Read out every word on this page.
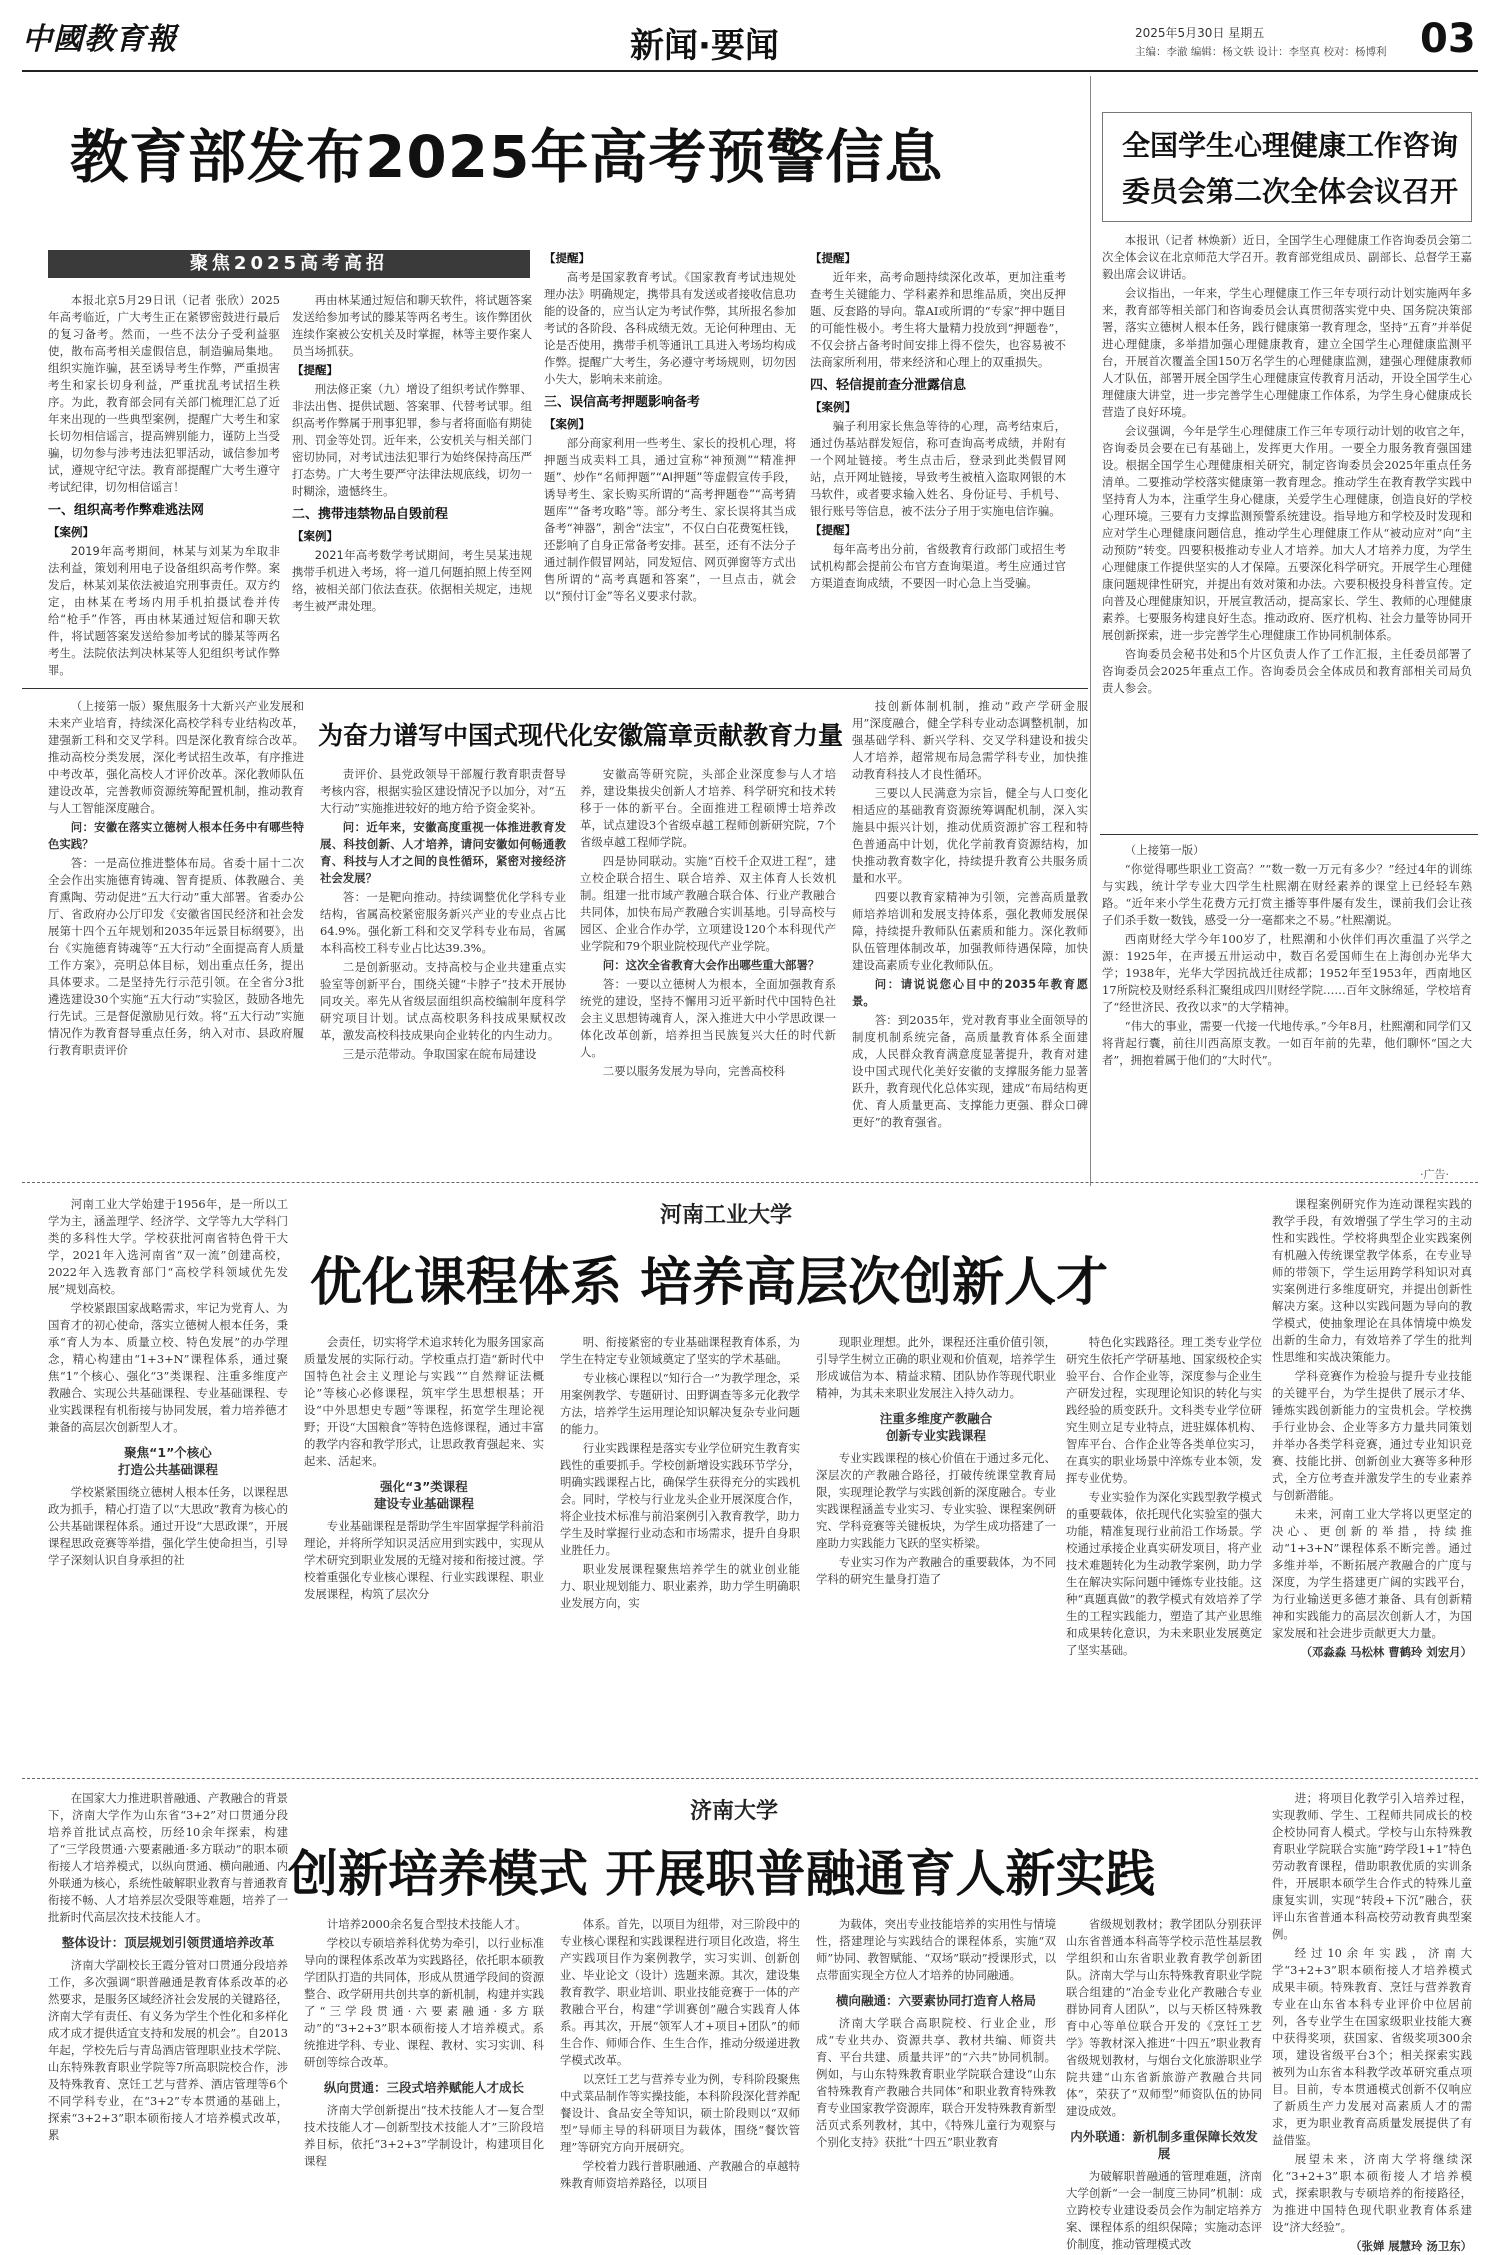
中國教育報	新闻·要闻	2025年5月30日 星期五	03
主编：李澈 编辑：杨文轶 设计：李坚真 校对：杨博利
教育部发布2025年高考预警信息
聚焦2025高考高招

本报北京5月29日讯（记者 张欣）2025年高考临近，广大考生正在紧锣密鼓进行最后的复习备考。然而，一些不法分子受利益驱使，散布高考相关虚假信息，制造骗局集地。组织实施诈骗，甚至诱导考生作弊，严重损害考生和家长切身利益，严重扰乱考试招生秩序。为此，教育部会同有关部门梳理汇总了近年来出现的一些典型案例，提醒广大考生和家长切勿相信谣言，提高辨别能力，谨防上当受骗，切勿参与涉考违法犯罪活动，诚信参加考试，遵规守纪守法。教育部提醒广大考生遵守考试纪律，切勿相信谣言！

一、组织高考作弊难逃法网

【案例】

2019年高考期间，林某与刘某为牟取非法利益，策划利用电子设备组织高考作弊。案发后，林某刘某依法被追究刑事责任。双方约定，由林某在考场内用手机拍摄试卷并传给“枪手”作答，再由林某通过短信和聊天软件，将试题答案发送给参加考试的滕某等两名考生。法院依法判决林某等人犯组织考试作弊罪。

再由林某通过短信和聊天软件，将试题答案发送给参加考试的滕某等两名考生。该作弊团伙连续作案被公安机关及时掌握，林等主要作案人员当场抓获。

【提醒】

刑法修正案（九）增设了组织考试作弊罪、非法出售、提供试题、答案罪、代替考试罪。组织高考作弊属于刑事犯罪，参与者将面临有期徒刑、罚金等处罚。近年来，公安机关与相关部门密切协同，对考试违法犯罪行为始终保持高压严打态势。广大考生要严守法律法规底线，切勿一时糊涂，遗憾终生。

二、携带违禁物品自毁前程

【案例】

2021年高考数学考试期间，考生吴某违规携带手机进入考场，将一道几何题拍照上传至网络，被相关部门依法查获。依据相关规定，违规考生被严肃处理。

【提醒】

高考是国家教育考试。《国家教育考试违规处理办法》明确规定，携带具有发送或者接收信息功能的设备的，应当认定为考试作弊，其所报名参加考试的各阶段、各科成绩无效。无论何种理由、无论是否使用，携带手机等通讯工具进入考场均构成作弊。提醒广大考生，务必遵守考场规则，切勿因小失大，影响未来前途。

三、误信高考押题影响备考

【案例】

部分商家利用一些考生、家长的投机心理，将押题当成卖料工具，通过宣称“神预测”“精准押题”、炒作“名师押题”“AI押题”等虚假宣传手段，诱导考生、家长购买所谓的“高考押题卷”“高考猜题库”“备考攻略”等。部分考生、家长误将其当成备考“神器”，割舍“法宝”，不仅白白花费冤枉钱，还影响了自身正常备考安排。甚至，还有不法分子通过制作假冒网站，同发短信、网页弹窗等方式出售所谓的“高考真题和答案”，一旦点击，就会以“预付订金”等名义要求付款。

【提醒】

近年来，高考命题持续深化改革，更加注重考查考生关键能力、学科素养和思维品质，突出反押题、反套路的导向。靠AI或所谓的“专家”押中题目的可能性极小。考生将大量精力投放到“押题卷”，不仅会挤占备考时间安排上得不偿失，也容易被不法商家所利用，带来经济和心理上的双重损失。

四、轻信提前查分泄露信息

【案例】

骗子利用家长焦急等待的心理，高考结束后，通过伪基站群发短信，称可查询高考成绩，并附有一个网址链接。考生点击后，登录到此类假冒网站，点开网址链接，导致考生被植入盗取网银的木马软件，或者要求输入姓名、身份证号、手机号、银行账号等信息，被不法分子用于实施电信诈骗。

【提醒】

每年高考出分前，省级教育行政部门或招生考试机构都会提前公布官方查询渠道。考生应通过官方渠道查询成绩，不要因一时心急上当受骗。

全国学生心理健康工作咨询
委员会第二次全体会议召开

本报讯（记者 林焕新）近日，全国学生心理健康工作咨询委员会第二次全体会议在北京师范大学召开。教育部党组成员、副部长、总督学王嘉毅出席会议讲话。

会议指出，一年来，学生心理健康工作三年专项行动计划实施两年多来，教育部等相关部门和咨询委员会认真贯彻落实党中央、国务院决策部署，落实立德树人根本任务，践行健康第一教育理念，坚持“五育”并举促进心理健康，多举措加强心理健康教育，建立全国学生心理健康监测平台，开展首次覆盖全国150万名学生的心理健康监测，建强心理健康教师人才队伍，部署开展全国学生心理健康宣传教育月活动，开设全国学生心理健康大讲堂，进一步完善学生心理健康工作体系，为学生身心健康成长营造了良好环境。

会议强调，今年是学生心理健康工作三年专项行动计划的收官之年，咨询委员会要在已有基础上，发挥更大作用。一要全力服务教育强国建设。根据全国学生心理健康相关研究，制定咨询委员会2025年重点任务清单。二要推动学校落实健康第一教育理念。推动学生在教育教学实践中坚持育人为本，注重学生身心健康，关爱学生心理健康，创造良好的学校心理环境。三要有力支撑监测预警系统建设。指导地方和学校及时发现和应对学生心理健康问题信息，推动学生心理健康工作从“被动应对”向“主动预防”转变。四要积极推动专业人才培养。加大人才培养力度，为学生心理健康工作提供坚实的人才保障。五要深化科学研究。开展学生心理健康问题规律性研究，并提出有效对策和办法。六要积极投身科普宣传。定向普及心理健康知识，开展宣教活动，提高家长、学生、教师的心理健康素养。七要服务构建良好生态。推动政府、医疗机构、社会力量等协同开展创新探索，进一步完善学生心理健康工作协同机制体系。

咨询委员会秘书处和5个片区负责人作了工作汇报，主任委员部署了咨询委员会2025年重点工作。咨询委员会全体成员和教育部相关司局负责人参会。

为奋力谱写中国式现代化安徽篇章贡献教育力量

（上接第一版）聚焦服务十大新兴产业发展和未来产业培育，持续深化高校学科专业结构改革，建强新工科和交叉学科。四是深化教育综合改革。推动高校分类发展，深化考试招生改革，有序推进中考改革，强化高校人才评价改革。深化教师队伍建设改革，完善教师资源统筹配置机制，推动教育与人工智能深度融合。

问：安徽在落实立德树人根本任务中有哪些特色实践？

答：一是高位推进整体布局。省委十届十二次全会作出实施德育铸魂、智育提质、体教融合、美育熏陶、劳动促进“五大行动”重大部署。省委办公厅、省政府办公厅印发《安徽省国民经济和社会发展第十四个五年规划和2035年远景目标纲要》，出台《实施德育铸魂等“五大行动”全面提高育人质量工作方案》，亮明总体目标，划出重点任务，提出具体要求。二是坚持先行示范引领。在全省分3批遴选建设30个实施“五大行动”实验区，鼓励各地先行先试。三是督促激励见行效。将“五大行动”实施情况作为教育督导重点任务，纳入对市、县政府履行教育职责评价

责评价、县党政领导干部履行教育职责督导考核内容，根据实验区建设情况予以加分，对“五大行动”实施推进较好的地方给予资金奖补。

问：近年来，安徽高度重视一体推进教育发展、科技创新、人才培养，请问安徽如何畅通教育、科技与人才之间的良性循环，紧密对接经济社会发展？

答：一是靶向推动。持续调整优化学科专业结构，省属高校紧密服务新兴产业的专业点占比64.9%。强化新工科和交叉学科专业布局，省属本科高校工科专业占比达39.3%。

二是创新驱动。支持高校与企业共建重点实验室等创新平台，围绕关键“卡脖子”技术开展协同攻关。率先从省级层面组织高校编制年度科学研究项目计划。试点高校职务科技成果赋权改革，激发高校科技成果向企业转化的内生动力。

三是示范带动。争取国家在皖布局建设

安徽高等研究院，头部企业深度参与人才培养，建设集拔尖创新人才培养、科学研究和技术转移于一体的新平台。全面推进工程硕博士培养改革，试点建设3个省级卓越工程师创新研究院，7个省级卓越工程师学院。

四是协同联动。实施“百校千企双进工程”，建立校企联合招生、联合培养、双主体育人长效机制。组建一批市域产教融合联合体、行业产教融合共同体，加快布局产教融合实训基地。引导高校与园区、企业合作办学，立项建设120个本科现代产业学院和79个职业院校现代产业学院。

问：这次全省教育大会作出哪些重大部署？

答：一要以立德树人为根本，全面加强教育系统党的建设，坚持不懈用习近平新时代中国特色社会主义思想铸魂育人，深入推进大中小学思政课一体化改革创新，培养担当民族复兴大任的时代新人。

二要以服务发展为导向，完善高校科

技创新体制机制，推动“政产学研金服用”深度融合，健全学科专业动态调整机制，加强基础学科、新兴学科、交叉学科建设和拔尖人才培养，超常规布局急需学科专业，加快推动教育科技人才良性循环。

三要以人民满意为宗旨，健全与人口变化相适应的基础教育资源统筹调配机制，深入实施县中振兴计划，推动优质资源扩容工程和特色普通高中计划，优化学前教育资源结构，加快推动教育数字化，持续提升教育公共服务质量和水平。

四要以教育家精神为引领，完善高质量教师培养培训和发展支持体系，强化教师发展保障，持续提升教师队伍素质和能力。深化教师队伍管理体制改革，加强教师待遇保障，加快建设高素质专业化教师队伍。

问：请说说您心目中的2035年教育愿景。

答：到2035年，党对教育事业全面领导的制度机制系统完备，高质量教育体系全面建成，人民群众教育满意度显著提升，教育对建设中国式现代化美好安徽的支撑服务能力显著跃升，教育现代化总体实现，建成“布局结构更优、育人质量更高、支撑能力更强、群众口碑更好”的教育强省。

（上接第一版）

“你觉得哪些职业工资高？”“数一数一万元有多少？”经过4年的训练与实践，统计学专业大四学生杜熙潮在财经素养的课堂上已经轻车熟路。“近年来小学生花费方元打赏主播等事件屡有发生，课前我们会让孩子们杀手数一数钱，感受一分一毫都来之不易。”杜熙潮说。

西南财经大学今年100岁了，杜熙潮和小伙伴们再次重温了兴学之源：1925年，在声援五卅运动中，数百名爱国师生在上海创办光华大学；1938年，光华大学因抗战迁往成都；1952年至1953年，西南地区17所院校及财经系科汇聚组成四川财经学院……百年文脉绵延，学校培育了“经世济民、孜孜以求”的大学精神。

“伟大的事业，需要一代接一代地传承。”今年8月，杜熙潮和同学们又将背起行囊，前往川西高原支教。一如百年前的先辈，他们聊怀“国之大者”，拥抱着属于他们的“大时代”。

·广告·
河南工业大学
优化课程体系 培养高层次创新人才

河南工业大学始建于1956年，是一所以工学为主，涵盖理学、经济学、文学等九大学科门类的多科性大学。学校获批河南省特色骨干大学，2021年入选河南省“双一流”创建高校，2022年入选教育部门“高校学科领域优先发展”规划高校。

学校紧跟国家战略需求，牢记为党育人、为国育才的初心使命，落实立德树人根本任务，秉承“育人为本、质量立校、特色发展”的办学理念，精心构建由“1+3+N”课程体系，通过聚焦“1”个核心、强化“3”类课程、注重多维度产教融合、实现公共基础课程、专业基础课程、专业实践课程有机衔接与协同发展，着力培养德才兼备的高层次创新型人才。

聚焦“1”个核心
打造公共基础课程

学校紧紧围绕立德树人根本任务，以课程思政为抓手，精心打造了以“大思政”教育为核心的公共基础课程体系。通过开设“大思政课”，开展课程思政竞赛等举措，强化学生使命担当，引导学子深刻认识自身承担的社

会责任，切实将学术追求转化为服务国家高质量发展的实际行动。学校重点打造“新时代中国特色社会主义理论与实践”“自然辩证法概论”等核心必修课程，筑牢学生思想根基；开设“中外思想史专题”等课程，拓宽学生理论视野；开设“大国粮食”等特色选修课程，通过丰富的教学内容和教学形式，让思政教育强起来、实起来、活起来。

强化“3”类课程
建设专业基础课程

专业基础课程是帮助学生牢固掌握学科前沿理论，并将所学知识灵活应用到实践中，实现从学术研究到职业发展的无缝对接和衔接过渡。学校着重强化专业核心课程、行业实践课程、职业发展课程，构筑了层次分

明、衔接紧密的专业基础课程教育体系，为学生在特定专业领域奠定了坚实的学术基础。

专业核心课程以“知行合一”为教学理念，采用案例教学、专题研讨、田野调查等多元化教学方法，培养学生运用理论知识解决复杂专业问题的能力。

行业实践课程是落实专业学位研究生教育实践性的重要抓手。学校创新增设实践环节学分，明确实践课程占比，确保学生获得充分的实践机会。同时，学校与行业龙头企业开展深度合作，将企业技术标准与前沿案例引入教育教学，助力学生及时掌握行业动态和市场需求，提升自身职业胜任力。

职业发展课程聚焦培养学生的就业创业能力、职业规划能力、职业素养，助力学生明确职业发展方向，实

现职业理想。此外，课程还注重价值引领，引导学生树立正确的职业观和价值观，培养学生形成诚信为本、精益求精、团队协作等现代职业精神，为其未来职业发展注入持久动力。

注重多维度产教融合
创新专业实践课程

专业实践课程的核心价值在于通过多元化、深层次的产教融合路径，打破传统课堂教育局限，实现理论教学与实践创新的深度融合。专业实践课程涵盖专业实习、专业实验、课程案例研究、学科竞赛等关键板块，为学生成功搭建了一座助力实践能力飞跃的坚实桥梁。

专业实习作为产教融合的重要载体，为不同学科的研究生量身打造了

特色化实践路径。理工类专业学位研究生依托产学研基地、国家级校企实验平台、合作企业等，深度参与企业生产研发过程，实现理论知识的转化与实践经验的质变跃升。文科类专业学位研究生则立足专业特点，进驻媒体机构、智库平台、合作企业等各类单位实习，在真实的职业场景中淬炼专业本领，发挥专业优势。

专业实验作为深化实践型教学模式的重要载体，依托现代化实验室的强大功能，精准复现行业前沿工作场景。学校通过承接企业真实研发项目，将产业技术难题转化为生动教学案例，助力学生在解决实际问题中锤炼专业技能。这种“真题真做”的教学模式有效培养了学生的工程实践能力，塑造了其产业思维和成果转化意识，为未来职业发展奠定了坚实基础。

课程案例研究作为连动课程实践的教学手段，有效增强了学生学习的主动性和实践性。学校将典型企业实践案例有机融入传统课堂教学体系，在专业导师的带领下，学生运用跨学科知识对真实案例进行多维度研究，并提出创新性解决方案。这种以实践问题为导向的教学模式，使抽象理论在具体情境中焕发出新的生命力，有效培养了学生的批判性思维和实战决策能力。

学科竞赛作为检验与提升专业技能的关键平台，为学生提供了展示才华、锤炼实践创新能力的宝贵机会。学校携手行业协会、企业等多方力量共同策划并举办各类学科竞赛，通过专业知识竞赛、技能比拼、创新创业大赛等多种形式，全方位考查并激发学生的专业素养与创新潜能。

未来，河南工业大学将以更坚定的决心、更创新的举措，持续推动“1+3+N”课程体系不断完善。通过多维并举，不断拓展产教融合的广度与深度，为学生搭建更广阔的实践平台，为行业输送更多德才兼备、具有创新精神和实践能力的高层次创新人才，为国家发展和社会进步贡献更大力量。

（邓淼淼 马松林 曹鹤玲 刘宏月）

济南大学
创新培养模式 开展职普融通育人新实践

在国家大力推进职普融通、产教融合的背景下，济南大学作为山东省“3+2”对口贯通分段培养首批试点高校，历经10余年探索，构建了“三学段贯通·六要素融通·多方联动”的职本硕衔接人才培养模式，以纵向贯通、横向融通、内外联通为核心，系统性破解职业教育与普通教育衔接不畅、人才培养层次受限等难题，培养了一批新时代高层次技术技能人才。

整体设计：顶层规划引领贯通培养改革

济南大学副校长王霞分管对口贯通分段培养工作，多次强调“职普融通是教育体系改革的必然要求，是服务区域经济社会发展的关键路径，济南大学有责任、有义务为学生个性化和多样化成才成才提供适宜支持和发展的机会”。自2013年起，学校先后与青岛酒店管理职业技术学院、山东特殊教育职业学院等7所高职院校合作，涉及特殊教育、烹饪工艺与营养、酒店管理等6个不同学科专业，在“3+2”专本贯通的基础上，探索“3+2+3”职本硕衔接人才培养模式改革，累

计培养2000余名复合型技术技能人才。

学校以专硕培养科优势为牵引，以行业标准导向的课程体系改革为实践路径，依托职本硕教学团队打造的共同体，形成从贯通学段间的资源整合、政学研用共创共享的新机制，构建并实践了“三学段贯通·六要素融通·多方联动”的“3+2+3”职本硕衔接人才培养模式。系统推进学科、专业、课程、教材、实习实训、科研创等综合改革。

纵向贯通：三段式培养赋能人才成长

济南大学创新提出“技术技能人才—复合型技术技能人才—创新型技术技能人才”三阶段培养目标，依托“3+2+3”学制设计，构建项目化课程

体系。首先，以项目为纽带，对三阶段中的专业核心课程和实践课程进行项目化改造，将生产实践项目作为案例教学，实习实训、创新创业、毕业论文（设计）选题来源。其次，建设集教育教学、职业培训、职业技能竞赛于一体的产教融合平台，构建“学训赛创”融合实践育人体系。再其次，开展“领军人才+项目+团队”的师生合作、师师合作、生生合作，推动分级递进教学模式改革。

以烹饪工艺与营养专业为例，专科阶段聚焦中式菜品制作等实操技能，本科阶段深化营养配餐设计、食品安全等知识，硕士阶段则以“双师型”导师主导的科研项目为载体，围绕“餐饮管理”等研究方向开展研究。

学校着力践行普职融通、产教融合的卓越特殊教育师资培养路径，以项目

为载体，突出专业技能培养的实用性与情境性，搭建理论与实践结合的课程体系，实施“双师”协同、教智赋能、“双场”联动”授课形式，以点带面实现全方位人才培养的协同融通。

横向融通：六要素协同打造育人格局

济南大学联合高职院校、行业企业，形成“专业共办、资源共享、教材共编、师资共育、平台共建、质量共评”的“六共”协同机制。例如，与山东特殊教育职业学院联合建设“山东省特殊教育产教融合共同体”和职业教育特殊教育专业国家教学资源库，联合开发特殊教育新型活页式系列教材，其中，《特殊儿童行为观察与个别化支持》获批“十四五”职业教育

省级规划教材；教学团队分别获评山东省普通本科高等学校示范性基层教学组织和山东省职业教育教学创新团队。济南大学与山东特殊教育职业学院联合组建的“冶金专业化产教融合专业群协同育人团队”，以与天桥区特殊教育中心等单位联合开发的《烹饪工艺学》等教材深入推进“十四五”职业教育省级规划教材，与烟台文化旅游职业学院共建“山东省新旅游产教融合共同体”，荣获了“双师型”师资队伍的协同建设成效。

内外联通：新机制多重保障长效发展

为破解职普融通的管理难题，济南大学创新“一会一制度三协同”机制：成立跨校专业建设委员会作为制定培养方案、课程体系的组织保障；实施动态评价制度，推动管理模式改

进；将项目化教学引入培养过程，实现教师、学生、工程师共同成长的校企校协同育人模式。学校与山东特殊教育职业学院联合实施“跨学段1+1”特色劳动教育课程，借助职教优质的实训条件，开展职本硕学生合作式的特殊儿童康复实训，实现“转段+下沉”融合，获评山东省普通本科高校劳动教育典型案例。

经过10余年实践，济南大学“3+2+3”职本硕衔接人才培养模式成果丰硕。特殊教育、烹饪与营养教育专业在山东省本科专业评价中位居前列，各专业学生在国家级职业技能大赛中获得奖项，获国家、省级奖项300余项，建设省级平台3个；相关探索实践被列为山东省本科教学改革研究重点项目。目前，专本贯通模式创新不仅响应了新质生产力发展对高素质人才的需求，更为职业教育高质量发展提供了有益借鉴。

展望未来，济南大学将继续深化“3+2+3”职本硕衔接人才培养模式，探索职教与专硕培养的衔接路径，为推进中国特色现代职业教育体系建设“济大经验”。

（张婵 展慧玲 汤卫东）
